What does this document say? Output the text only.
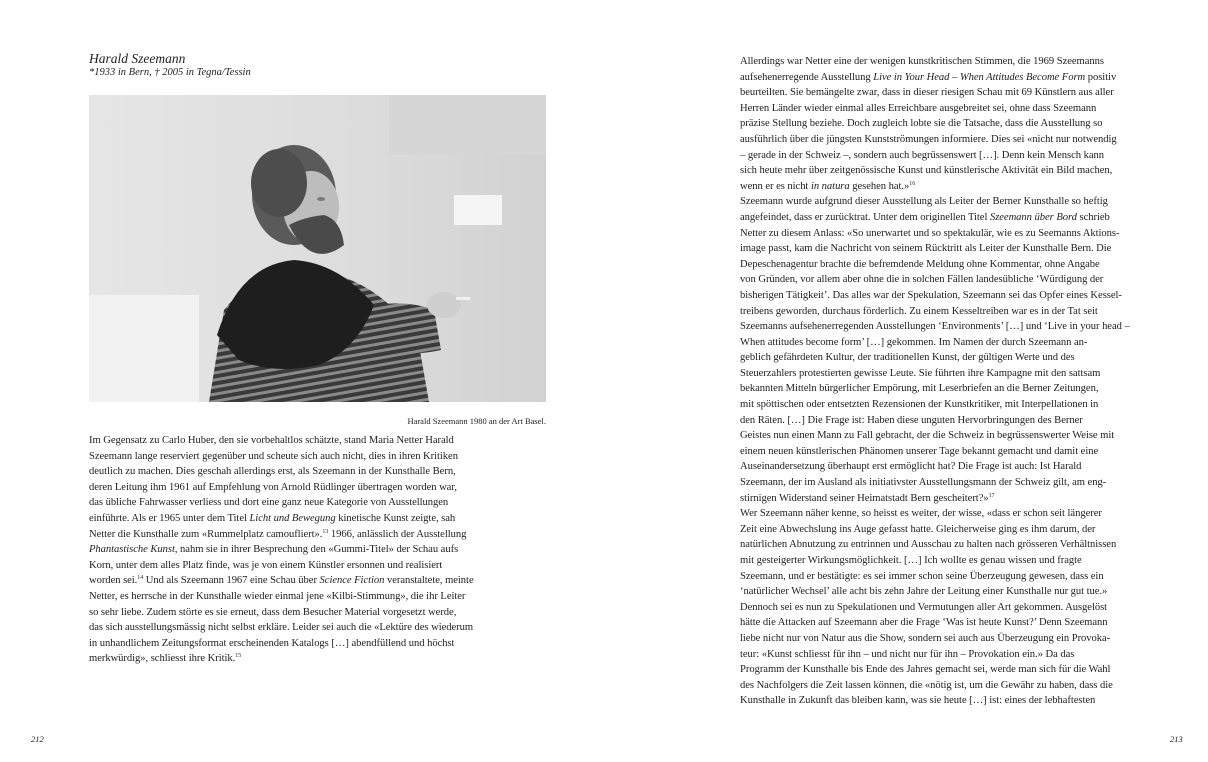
Harald Szeemann
*1933 in Bern, † 2005 in Tegna/Tessin
Harald Szeemann 1980 an der Art Basel.

Im Gegensatz zu Carlo Huber, den sie vorbehaltlos schätzte, stand Maria Netter Harald

Szeemann lange reserviert gegenüber und scheute sich auch nicht, dies in ihren Kritiken

deutlich zu machen. Dies geschah allerdings erst, als Szeemann in der Kunsthalle Bern,

deren Leitung ihm 1961 auf Empfehlung von Arnold Rüdlinger übertragen worden war,

das übliche Fahrwasser verliess und dort eine ganz neue Kategorie von Ausstellungen

einführte. Als er 1965 unter dem Titel Licht und Bewegung kinetische Kunst zeigte, sah

Netter die Kunsthalle zum «Rummelplatz camoufliert».$^{13}$ 1966, anlässlich der Ausstellung

Phantastische Kunst, nahm sie in ihrer Besprechung den «Gummi-Titel» der Schau aufs

Korn, unter dem alles Platz finde, was je von einem Künstler ersonnen und realisiert

worden sei.$^{14}$ Und als Szeemann 1967 eine Schau über Science Fiction veranstaltete, meinte

Netter, es herrsche in der Kunsthalle wieder einmal jene «Kilbi-Stimmung», die ihr Leiter

so sehr liebe. Zudem störte es sie erneut, dass dem Besucher Material vorgesetzt werde,

das sich ausstellungsmässig nicht selbst erkläre. Leider sei auch die «Lektüre des wiederum

in unhandlichem Zeitungsformat erscheinenden Katalogs […] abendfüllend und höchst

merkwürdig», schliesst ihre Kritik.$^{15}$

212

Allerdings war Netter eine der wenigen kunstkritischen Stimmen, die 1969 Szeemanns

aufsehenerregende Ausstellung Live in Your Head – When Attitudes Become Form positiv

beurteilten. Sie bemängelte zwar, dass in dieser riesigen Schau mit 69 Künstlern aus aller

Herren Länder wieder einmal alles Erreichbare ausgebreitet sei, ohne dass Szeemann

präzise Stellung beziehe. Doch zugleich lobte sie die Tatsache, dass die Ausstellung so

ausführlich über die jüngsten Kunstströmungen informiere. Dies sei «nicht nur notwendig

– gerade in der Schweiz –, sondern auch begrüssenswert […]. Denn kein Mensch kann

sich heute mehr über zeitgenössische Kunst und künstlerische Aktivität ein Bild machen,

wenn er es nicht in natura gesehen hat.»$^{16}$

Szeemann wurde aufgrund dieser Ausstellung als Leiter der Berner Kunsthalle so heftig

angefeindet, dass er zurücktrat. Unter dem originellen Titel Szeemann über Bord schrieb

Netter zu diesem Anlass: «So unerwartet und so spektakulär, wie es zu Seemanns Aktions-

image passt, kam die Nachricht von seinem Rücktritt als Leiter der Kunsthalle Bern. Die

Depeschenagentur brachte die befremdende Meldung ohne Kommentar, ohne Angabe

von Gründen, vor allem aber ohne die in solchen Fällen landesübliche ‘Würdigung der

bisherigen Tätigkeit’. Das alles war der Spekulation, Szeemann sei das Opfer eines Kessel-

treibens geworden, durchaus förderlich. Zu einem Kesseltreiben war es in der Tat seit

Szeemanns aufsehenerregenden Ausstellungen ‘Environments’ […] und ‘Live in your head –

When attitudes become form’ […] gekommen. Im Namen der durch Szeemann an-

geblich gefährdeten Kultur, der traditionellen Kunst, der gültigen Werte und des

Steuerzahlers protestierten gewisse Leute. Sie führten ihre Kampagne mit den sattsam

bekannten Mitteln bürgerlicher Empörung, mit Leserbriefen an die Berner Zeitungen,

mit spöttischen oder entsetzten Rezensionen der Kunstkritiker, mit Interpellationen in

den Räten. […] Die Frage ist: Haben diese unguten Hervorbringungen des Berner

Geistes nun einen Mann zu Fall gebracht, der die Schweiz in begrüssenswerter Weise mit

einem neuen künstlerischen Phänomen unserer Tage bekannt gemacht und damit eine

Auseinandersetzung überhaupt erst ermöglicht hat? Die Frage ist auch: Ist Harald

Szeemann, der im Ausland als initiativster Ausstellungsmann der Schweiz gilt, am eng-

stirnigen Widerstand seiner Heimatstadt Bern gescheitert?»$^{17}$

Wer Szeemann näher kenne, so heisst es weiter, der wisse, «dass er schon seit längerer

Zeit eine Abwechslung ins Auge gefasst hatte. Gleicherweise ging es ihm darum, der

natürlichen Abnutzung zu entrinnen und Ausschau zu halten nach grösseren Verhältnissen

mit gesteigerter Wirkungsmöglichkeit. […] Ich wollte es genau wissen und fragte

Szeemann, und er bestätigte: es sei immer schon seine Überzeugung gewesen, dass ein

‘natürlicher Wechsel’ alle acht bis zehn Jahre der Leitung einer Kunsthalle nur gut tue.»

Dennoch sei es nun zu Spekulationen und Vermutungen aller Art gekommen. Ausgelöst

hätte die Attacken auf Szeemann aber die Frage ‘Was ist heute Kunst?’ Denn Szeemann

liebe nicht nur von Natur aus die Show, sondern sei auch aus Überzeugung ein Provoka-

teur: «Kunst schliesst für ihn – und nicht nur für ihn – Provokation ein.» Da das

Programm der Kunsthalle bis Ende des Jahres gemacht sei, werde man sich für die Wahl

des Nachfolgers die Zeit lassen können, die «nötig ist, um die Gewähr zu haben, dass die

Kunsthalle in Zukunft das bleiben kann, was sie heute […] ist: eines der lebhaftesten

213
